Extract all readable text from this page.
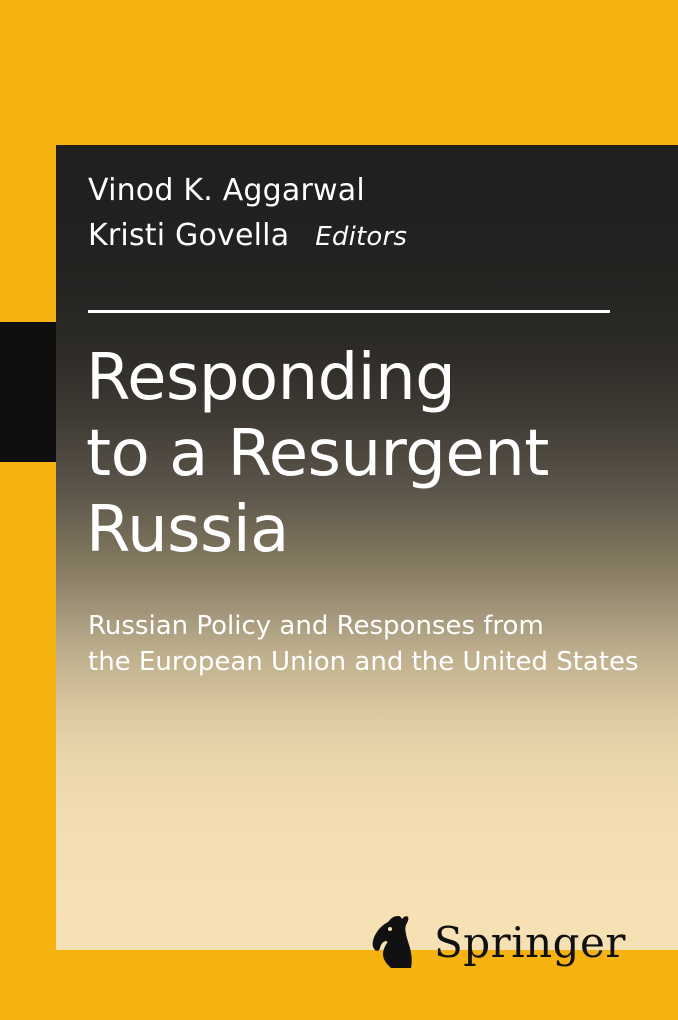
Vinod K. Aggarwal
Kristi Govella Editors
Responding
to a Resurgent
Russia
Russian Policy and Responses from
the European Union and the United States
Springer
